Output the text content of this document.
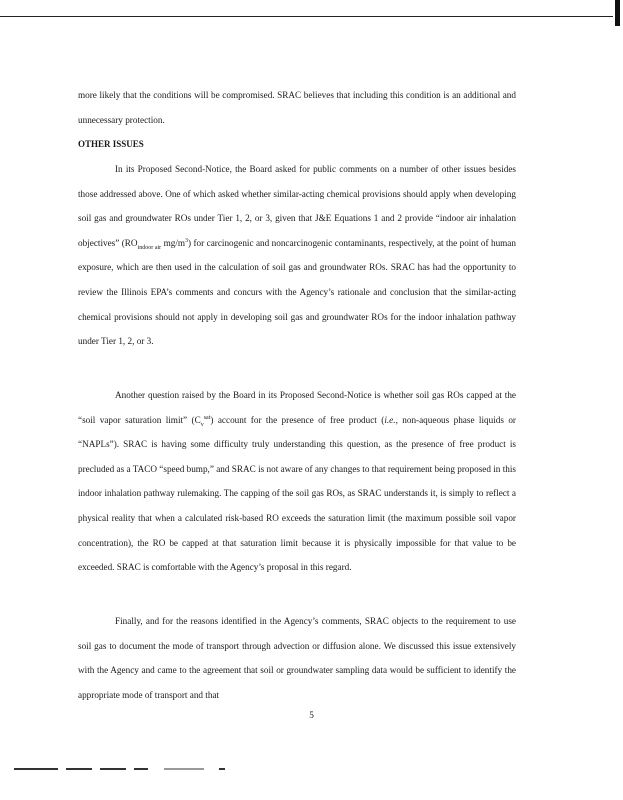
more likely that the conditions will be compromised. SRAC believes that including this condition is an additional and unnecessary protection.

OTHER ISSUES

In its Proposed Second-Notice, the Board asked for public comments on a number of other issues besides those addressed above. One of which asked whether similar-acting chemical provisions should apply when developing soil gas and groundwater ROs under Tier 1, 2, or 3, given that J&E Equations 1 and 2 provide “indoor air inhalation objectives” ($RO_{indoor air}$ $mg/m^3$) for carcinogenic and noncarcinogenic contaminants, respectively, at the point of human exposure, which are then used in the calculation of soil gas and groundwater ROs. SRAC has had the opportunity to review the Illinois EPA’s comments and concurs with the Agency’s rationale and conclusion that the similar-acting chemical provisions should not apply in developing soil gas and groundwater ROs for the indoor inhalation pathway under Tier 1, 2, or 3.

Another question raised by the Board in its Proposed Second-Notice is whether soil gas ROs capped at the “soil vapor saturation limit” $(C_v^{sat})$ account for the presence of free product (i.e., non-aqueous phase liquids or “NAPLs”). SRAC is having some difficulty truly understanding this question, as the presence of free product is precluded as a TACO “speed bump,” and SRAC is not aware of any changes to that requirement being proposed in this indoor inhalation pathway rulemaking. The capping of the soil gas ROs, as SRAC understands it, is simply to reflect a physical reality that when a calculated risk-based RO exceeds the saturation limit (the maximum possible soil vapor concentration), the RO be capped at that saturation limit because it is physically impossible for that value to be exceeded. SRAC is comfortable with the Agency’s proposal in this regard.

Finally, and for the reasons identified in the Agency’s comments, SRAC objects to the requirement to use soil gas to document the mode of transport through advection or diffusion alone. We discussed this issue extensively with the Agency and came to the agreement that soil or groundwater sampling data would be sufficient to identify the appropriate mode of transport and that

5
